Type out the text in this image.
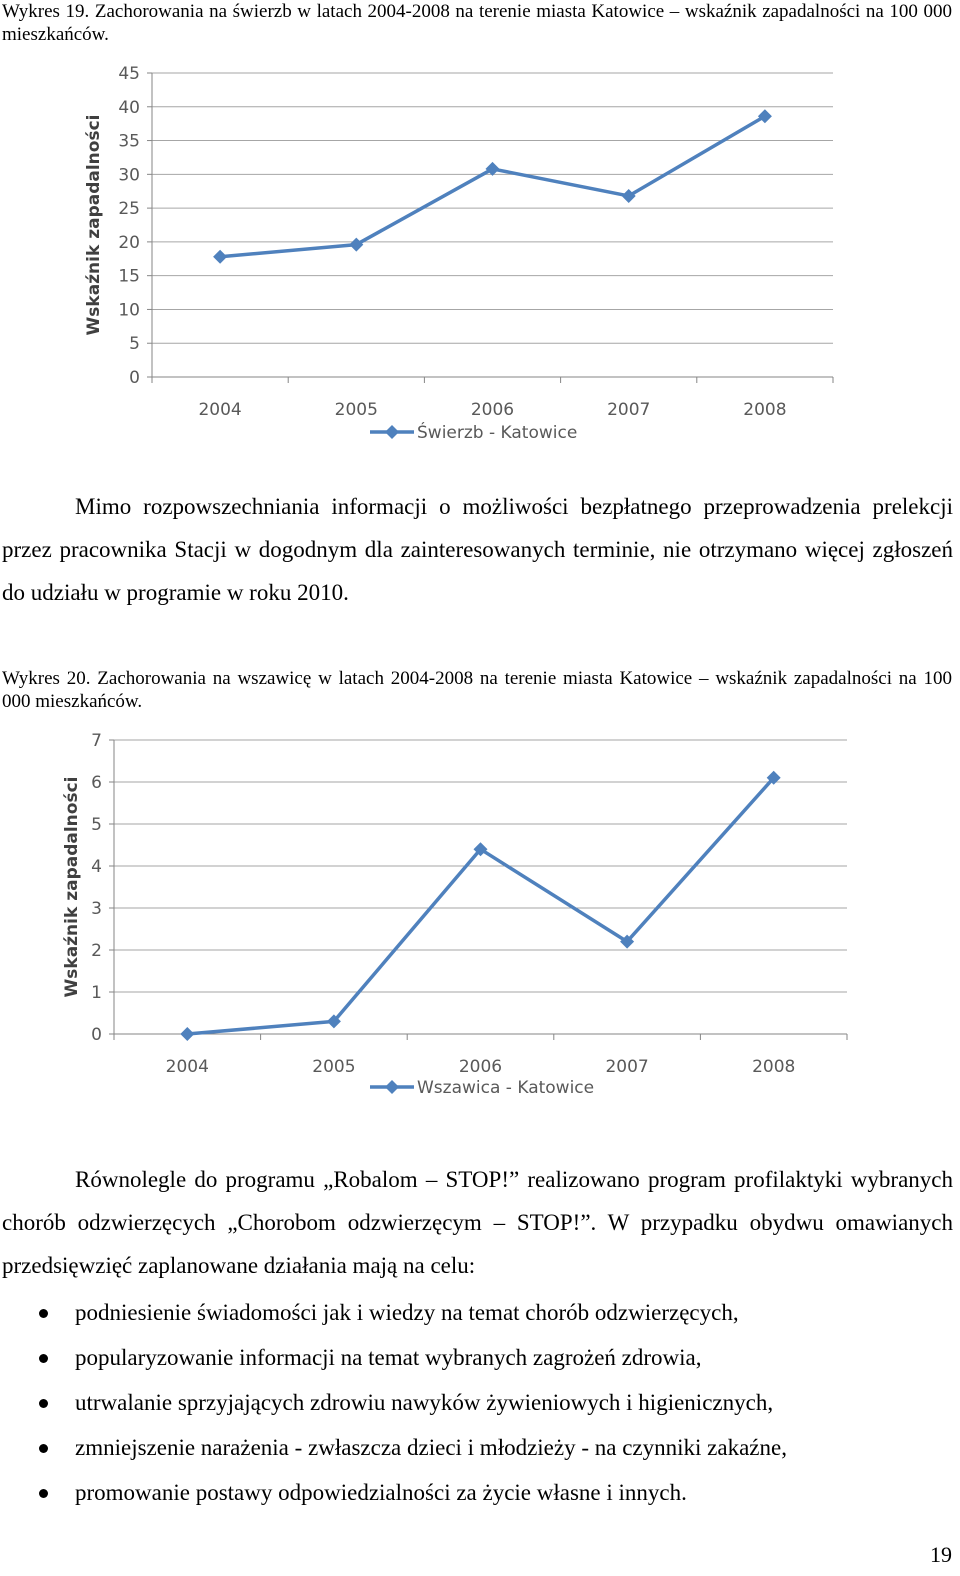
Wykres 19. Zachorowania na świerzb w latach 2004-2008 na terenie miasta Katowice – wskaźnik zapadalności na 100 000 mieszkańców.
0
5
10
15
20
25
30
35
40
45
2004	2005	2006	2007	2008
Wskaźnik zapadalności
Świerzb - Katowice
Mimo rozpowszechniania informacji o możliwości bezpłatnego przeprowadzenia prelekcji przez pracownika Stacji w dogodnym dla zainteresowanych terminie, nie otrzymano więcej zgłoszeń do udziału w programie w roku 2010.
Wykres 20. Zachorowania na wszawicę w latach 2004-2008 na terenie miasta Katowice – wskaźnik zapadalności na 100 000 mieszkańców.
0
1
2
3
4
5
6
7
2004	2005	2006	2007	2008
Wskaźnik zapadalności
Wszawica - Katowice
Równolegle do programu „Robalom – STOP!” realizowano program profilaktyki wybranych chorób odzwierzęcych „Chorobom odzwierzęcym – STOP!”. W przypadku obydwu omawianych przedsięwzięć zaplanowane działania mają na celu:
podniesienie świadomości jak i wiedzy na temat chorób odzwierzęcych,
popularyzowanie informacji na temat wybranych zagrożeń zdrowia,
utrwalanie sprzyjających zdrowiu nawyków żywieniowych i higienicznych,
zmniejszenie narażenia - zwłaszcza dzieci i młodzieży - na czynniki zakaźne,
promowanie postawy odpowiedzialności za życie własne i innych.
19
